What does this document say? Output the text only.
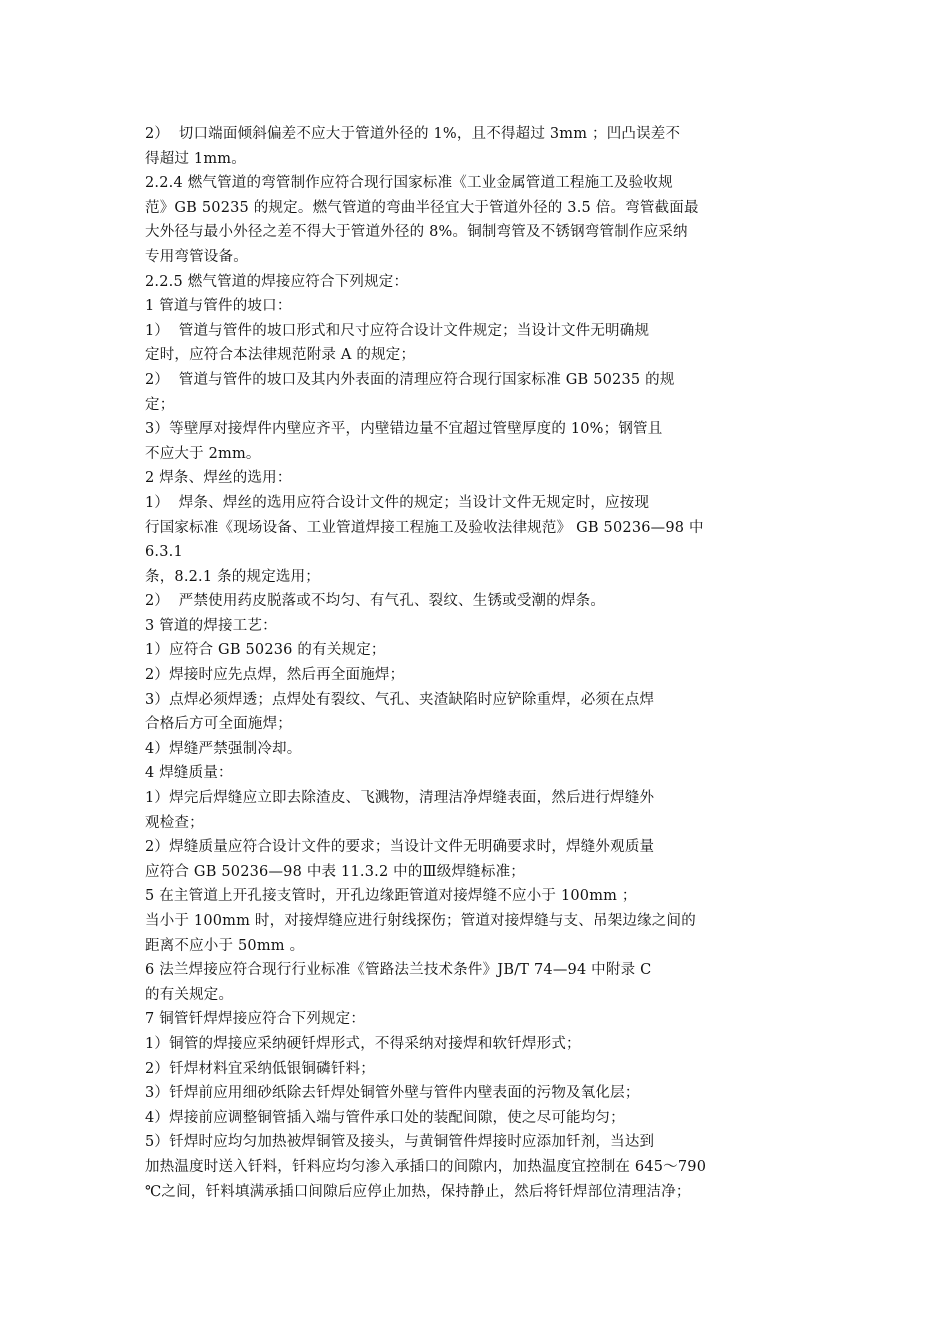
2）  切口端面倾斜偏差不应大于管道外径的 1%，且不得超过 3mm ；凹凸误差不
得超过 1mm。
2.2.4 燃气管道的弯管制作应符合现行国家标准《工业金属管道工程施工及验收规
范》GB 50235 的规定。燃气管道的弯曲半径宜大于管道外径的 3.5 倍。弯管截面最
大外径与最小外径之差不得大于管道外径的 8%。铜制弯管及不锈钢弯管制作应采纳
专用弯管设备。
2.2.5 燃气管道的焊接应符合下列规定：
1 管道与管件的坡口：
1）  管道与管件的坡口形式和尺寸应符合设计文件规定；当设计文件无明确规
定时，应符合本法律规范附录 A 的规定；
2）  管道与管件的坡口及其内外表面的清理应符合现行国家标准 GB 50235 的规
定；
3）等壁厚对接焊件内壁应齐平，内壁错边量不宜超过管壁厚度的 10%；钢管且
不应大于 2mm。
2 焊条、焊丝的选用：
1）  焊条、焊丝的选用应符合设计文件的规定；当设计文件无规定时，应按现
行国家标准《现场设备、工业管道焊接工程施工及验收法律规范》 GB 50236—98 中
6.3.1
条，8.2.1 条的规定选用；
2）  严禁使用药皮脱落或不均匀、有气孔、裂纹、生锈或受潮的焊条。
3 管道的焊接工艺：
1）应符合 GB 50236 的有关规定；
2）焊接时应先点焊，然后再全面施焊；
3）点焊必须焊透；点焊处有裂纹、气孔、夹渣缺陷时应铲除重焊，必须在点焊
合格后方可全面施焊；
4）焊缝严禁强制冷却。
4 焊缝质量：
1）焊完后焊缝应立即去除渣皮、飞溅物，清理洁净焊缝表面，然后进行焊缝外
观检查；
2）焊缝质量应符合设计文件的要求；当设计文件无明确要求时，焊缝外观质量
应符合 GB 50236—98 中表 11.3.2 中的Ⅲ级焊缝标准；
5 在主管道上开孔接支管时，开孔边缘距管道对接焊缝不应小于 100mm ；
当小于 100mm 时，对接焊缝应进行射线探伤；管道对接焊缝与支、吊架边缘之间的
距离不应小于 50mm 。
6 法兰焊接应符合现行行业标准《管路法兰技术条件》JB/T 74—94 中附录 C
的有关规定。
7 铜管钎焊焊接应符合下列规定：
1）铜管的焊接应采纳硬钎焊形式，不得采纳对接焊和软钎焊形式；
2）钎焊材料宜采纳低银铜磷钎料；
3）钎焊前应用细砂纸除去钎焊处铜管外壁与管件内壁表面的污物及氧化层；
4）焊接前应调整铜管插入端与管件承口处的装配间隙，使之尽可能均匀；
5）钎焊时应均匀加热被焊铜管及接头，与黄铜管件焊接时应添加钎剂，当达到
加热温度时送入钎料，钎料应均匀渗入承插口的间隙内，加热温度宜控制在 645～790
℃之间，钎料填满承插口间隙后应停止加热，保持静止，然后将钎焊部位清理洁净；
